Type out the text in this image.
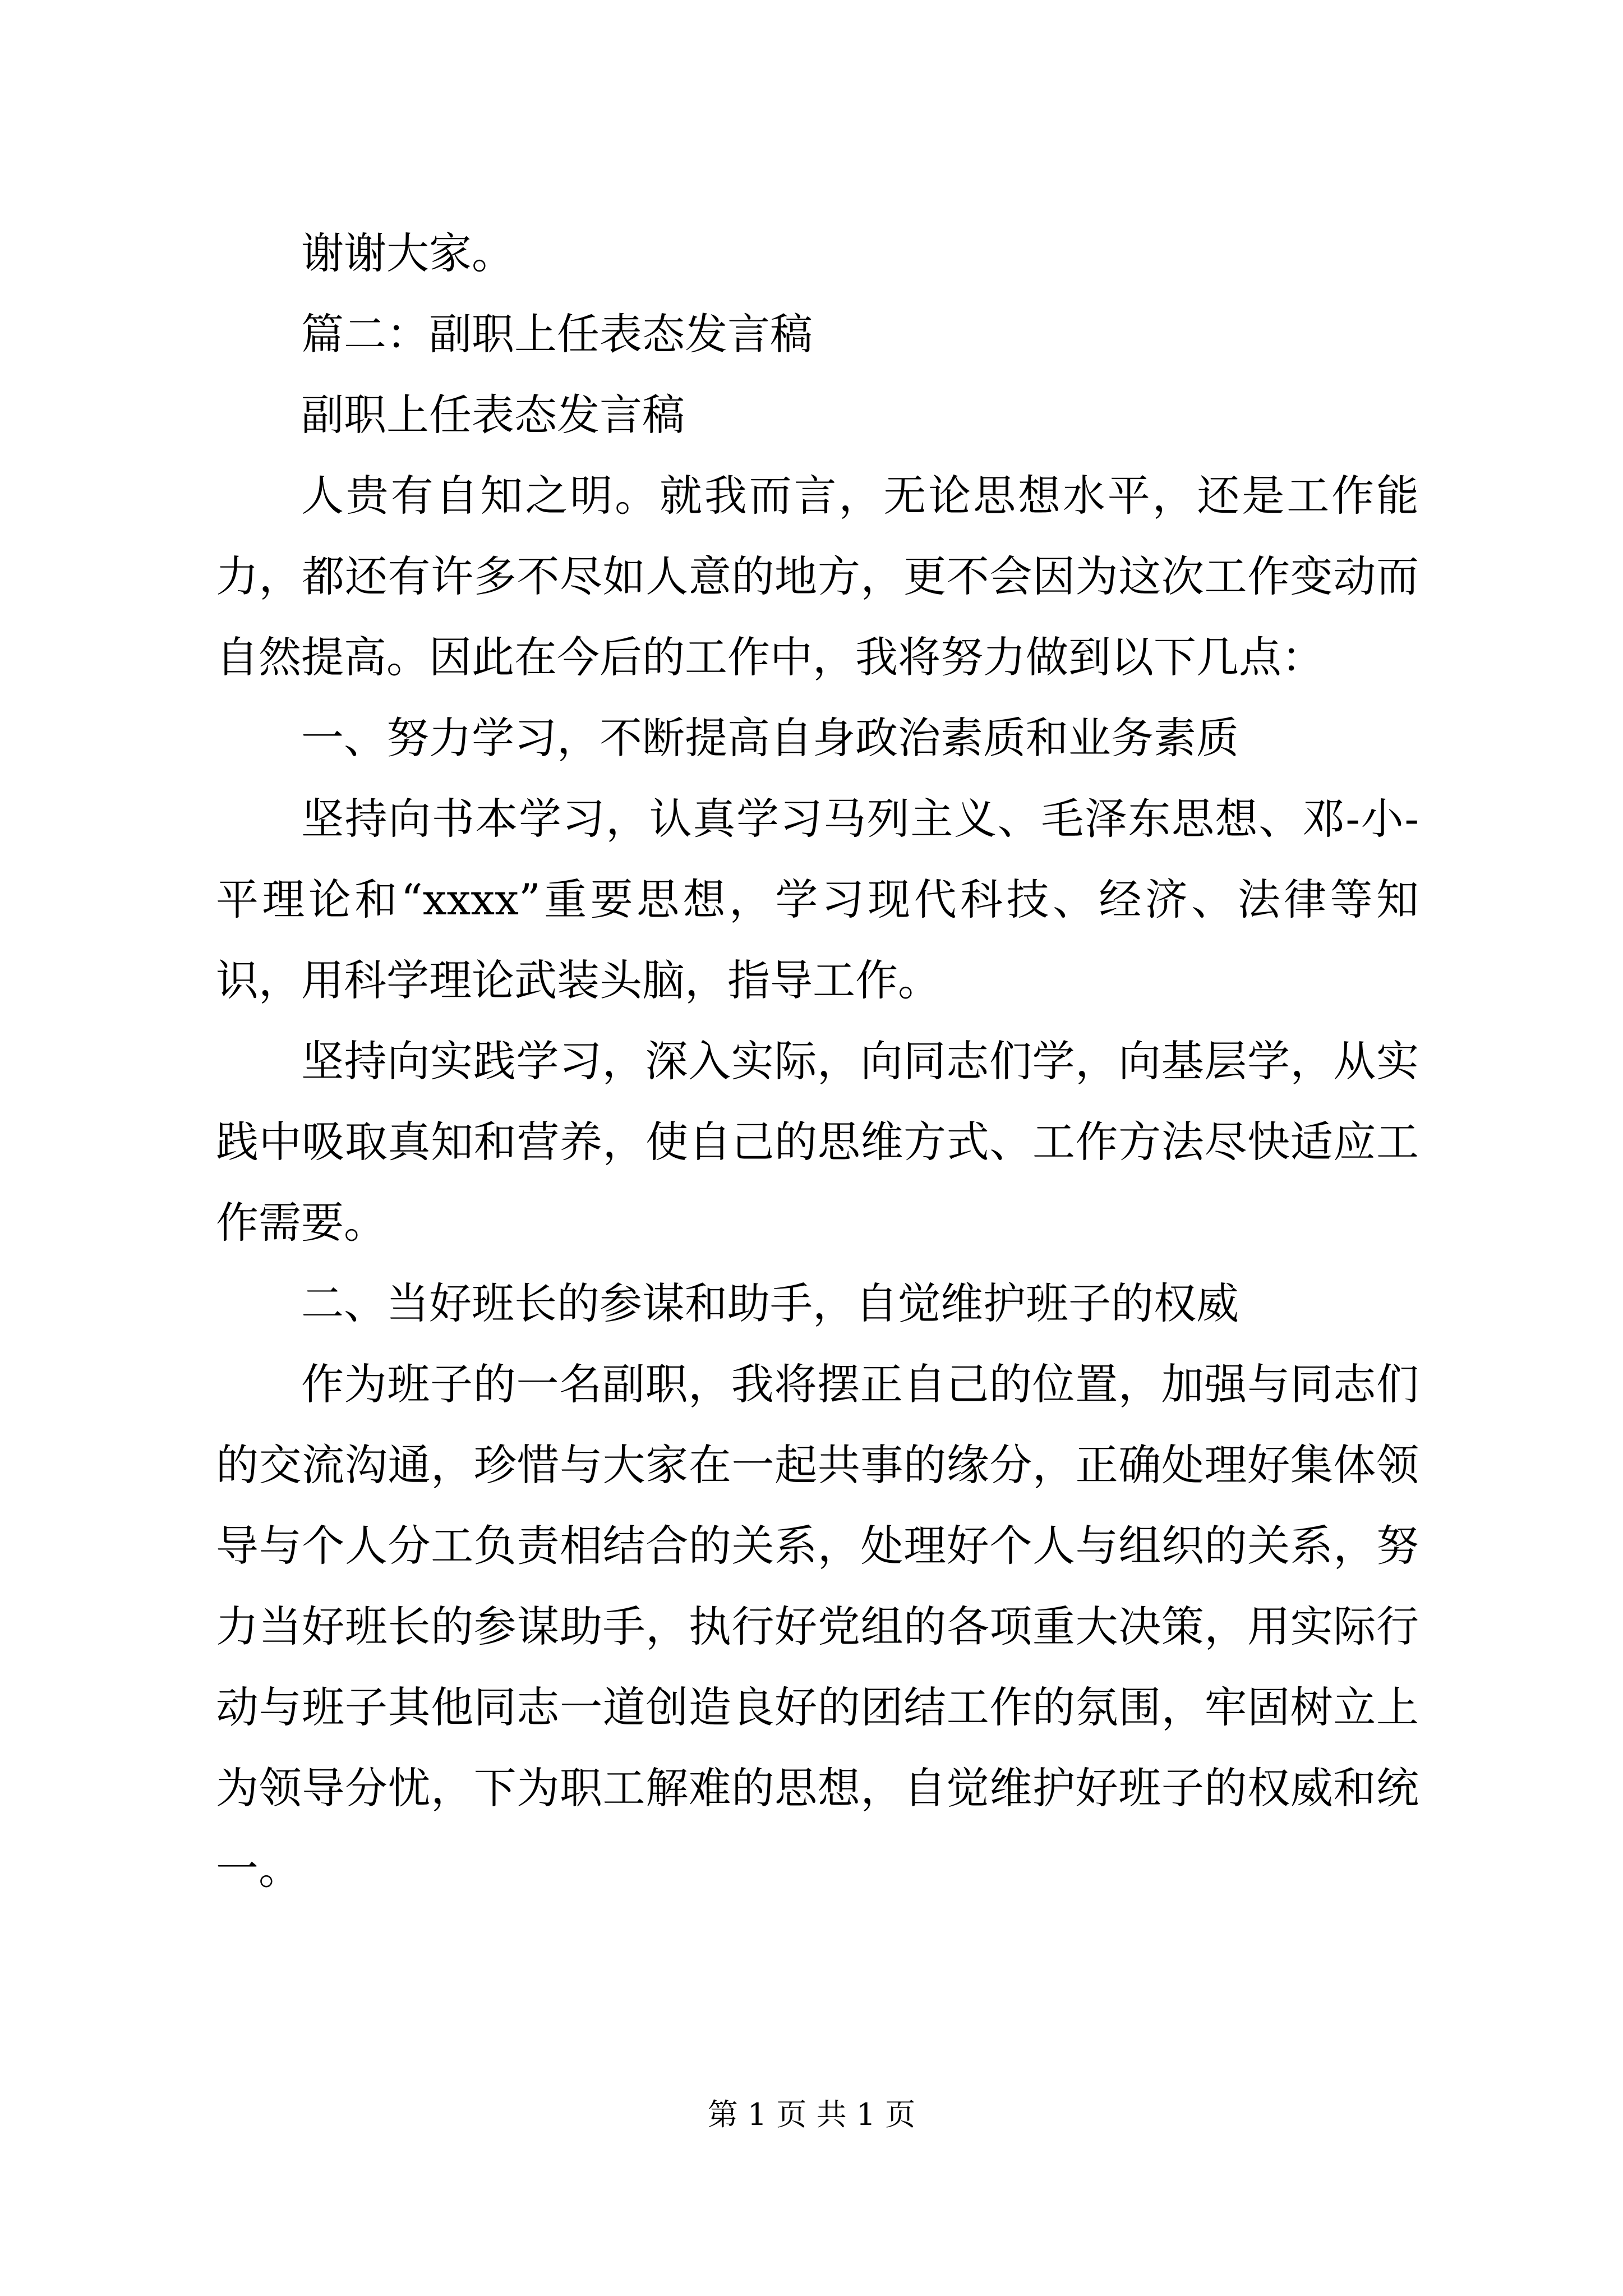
谢谢大家。

篇二：副职上任表态发言稿

副职上任表态发言稿

人贵有自知之明。就我而言，无论思想水平，还是工作能力，都还有许多不尽如人意的地方，更不会因为这次工作变动而自然提高。因此在今后的工作中，我将努力做到以下几点：

一、努力学习，不断提高自身政治素质和业务素质

坚持向书本学习，认真学习马列主义、毛泽东思想、邓-小-平理论和“xxxx”重要思想，学习现代科技、经济、法律等知识，用科学理论武装头脑，指导工作。

坚持向实践学习，深入实际，向同志们学，向基层学，从实践中吸取真知和营养，使自己的思维方式、工作方法尽快适应工作需要。

二、当好班长的参谋和助手，自觉维护班子的权威

作为班子的一名副职，我将摆正自己的位置，加强与同志们的交流沟通，珍惜与大家在一起共事的缘分，正确处理好集体领导与个人分工负责相结合的关系，处理好个人与组织的关系，努力当好班长的参谋助手，执行好党组的各项重大决策，用实际行动与班子其他同志一道创造良好的团结工作的氛围，牢固树立上为领导分忧，下为职工解难的思想，自觉维护好班子的权威和统一。

第 1 页 共 1 页
